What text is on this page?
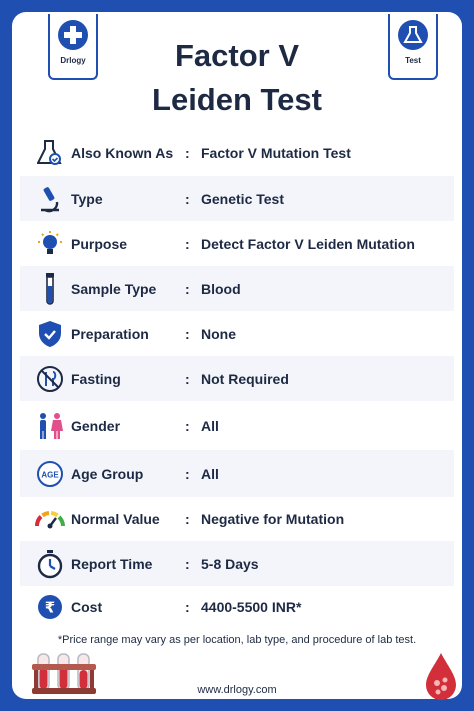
Drlogy	Test
Factor V
Leiden Test
Also Known As : Factor V Mutation Test
Type	: Genetic Test
Purpose	: Detect Factor V Leiden Mutation
Sample Type : Blood
Preparation	: None
Fasting	: Not Required
Gender	: All
AGE Age Group	: All
Normal Value : Negative for Mutation
Report Time : 5-8 Days
₹ Cost	: 4400-5500 INR*
*Price range may vary as per location, lab type, and procedure of lab test.
www.drlogy.com
